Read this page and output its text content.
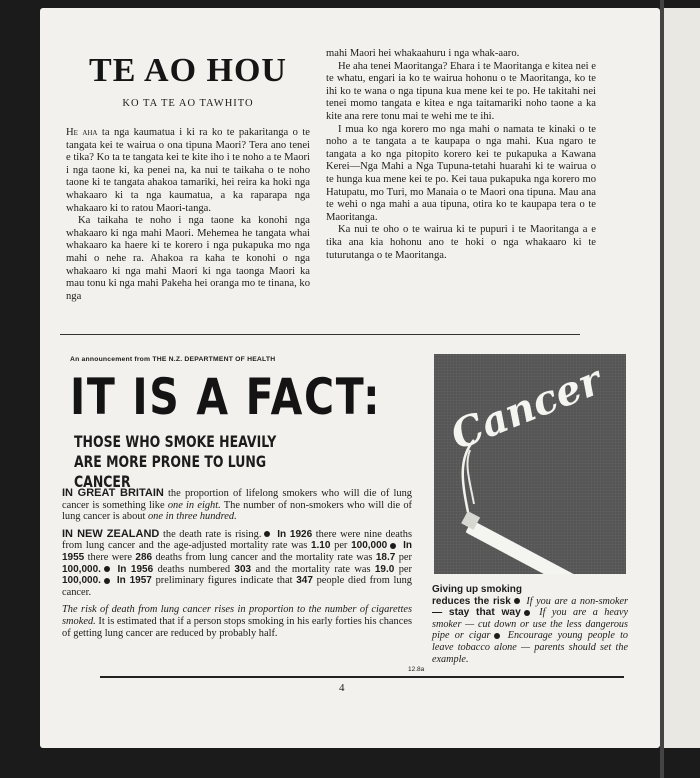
TE AO HOU
KO TA TE AO TAWHITO

He aha ta nga kaumatua i ki ra ko te pakaritanga o te tangata kei te wairua o ona tipuna Maori? Tera ano tenei e tika? Ko ta te tangata kei te kite iho i te noho a te Maori i nga taone ki, ka penei na, ka nui te taikaha o te noho taone ki te tangata ahakoa tamariki, hei reira ka hoki nga whakaaro ki ta nga kaumatua, a ka raparapa nga whakaaro ki to ratou Maori-tanga.

Ka taikaha te noho i nga taone ka konohi nga whakaaro ki nga mahi Maori. Mehemea he tangata whai whakaaro ka haere ki te korero i nga pukapuka mo nga mahi o nehe ra. Ahakoa ra kaha te konohi o nga whakaaro ki nga mahi Maori ki nga taonga Maori ka mau tonu ki nga mahi Pakeha hei oranga mo te tinana, ko nga

mahi Maori hei whakaahuru i nga whak-aaro.

He aha tenei Maoritanga? Ehara i te Maoritanga e kitea nei e te whatu, engari ia ko te wairua hohonu o te Maoritanga, ko te ihi ko te wana o nga tipuna kua mene kei te po. He takitahi nei tenei momo tangata e kitea e nga taitamariki noho taone a ka kite ana rere tonu mai te wehi me te ihi.

I mua ko nga korero mo nga mahi o namata te kinaki o te noho a te tangata a te kaupapa o nga mahi. Kua ngaro te tangata a ko nga pitopito korero kei te pukapuka a Kawana Kerei—Nga Mahi a Nga Tupuna-tetahi huarahi ki te wairua o te hunga kua mene kei te po. Kei taua pukapuka nga korero mo Hatupatu, mo Turi, mo Manaia o te Maori ona tipuna. Mau ana te wehi o nga mahi a aua tipuna, otira ko te kaupapa tera o te Maoritanga.

Ka nui te oho o te wairua ki te pupuri i te Maoritanga a e tika ana kia hohonu ano te hoki o nga whakaaro ki te tuturutanga o te Maoritanga.

An announcement from THE N.Z. DEPARTMENT OF HEALTH
IT IS A FACT:
THOSE WHO SMOKE HEAVILY
ARE MORE PRONE TO LUNG CANCER

IN GREAT BRITAIN the proportion of lifelong smokers who will die of lung cancer is something like one in eight. The number of non-smokers who will die of lung cancer is about one in three hundred.

IN NEW ZEALAND the death rate is rising. In 1926 there were nine deaths from lung cancer and the age-adjusted mortality rate was 1.10 per 100,000 In 1955 there were 286 deaths from lung cancer and the mortality rate was 18.7 per 100,000. In 1956 deaths numbered 303 and the mortality rate was 19.0 per 100,000. In 1957 preliminary figures indicate that 347 people died from lung cancer.

The risk of death from lung cancer rises in proportion to the number of cigarettes smoked. It is estimated that if a person stops smoking in his early forties his chances of getting lung cancer are reduced by probably half.

Cancer
Giving up smoking
reduces the risk If you are a non-smoker — stay that way If you are a heavy smoker — cut down or use the less dangerous pipe or cigar Encourage young people to leave tobacco alone — parents should set the example.
12.8a
4
